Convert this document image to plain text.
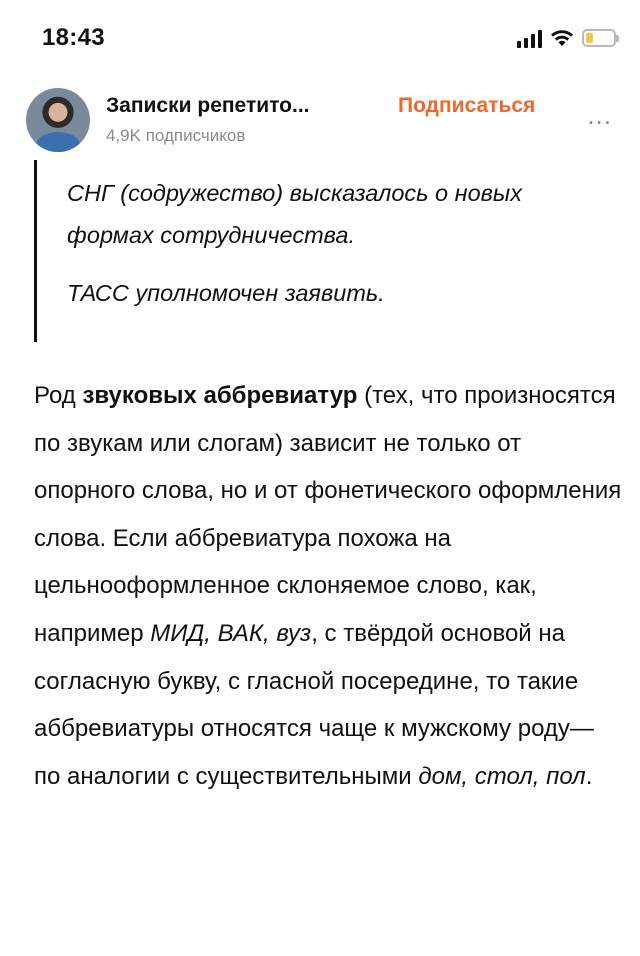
18:43
Записки репетито...	Подписаться
4,9K подписчиков
...

СНГ (содружество) высказалось о новых формах сотрудничества.

ТАСС уполномочен заявить.

Род звуковых аббревиатур (тех, что произносятся по звукам или слогам) зависит не только от опорного слова, но и от фонетического оформления слова. Если аббревиатура похожа на цельнооформленное склоняемое слово, как, например МИД, ВАК, вуз, с твёрдой основой на согласную букву, с гласной посередине, то такие аббревиатуры относятся чаще к мужскому роду— по аналогии с существительными дом, стол, пол.
